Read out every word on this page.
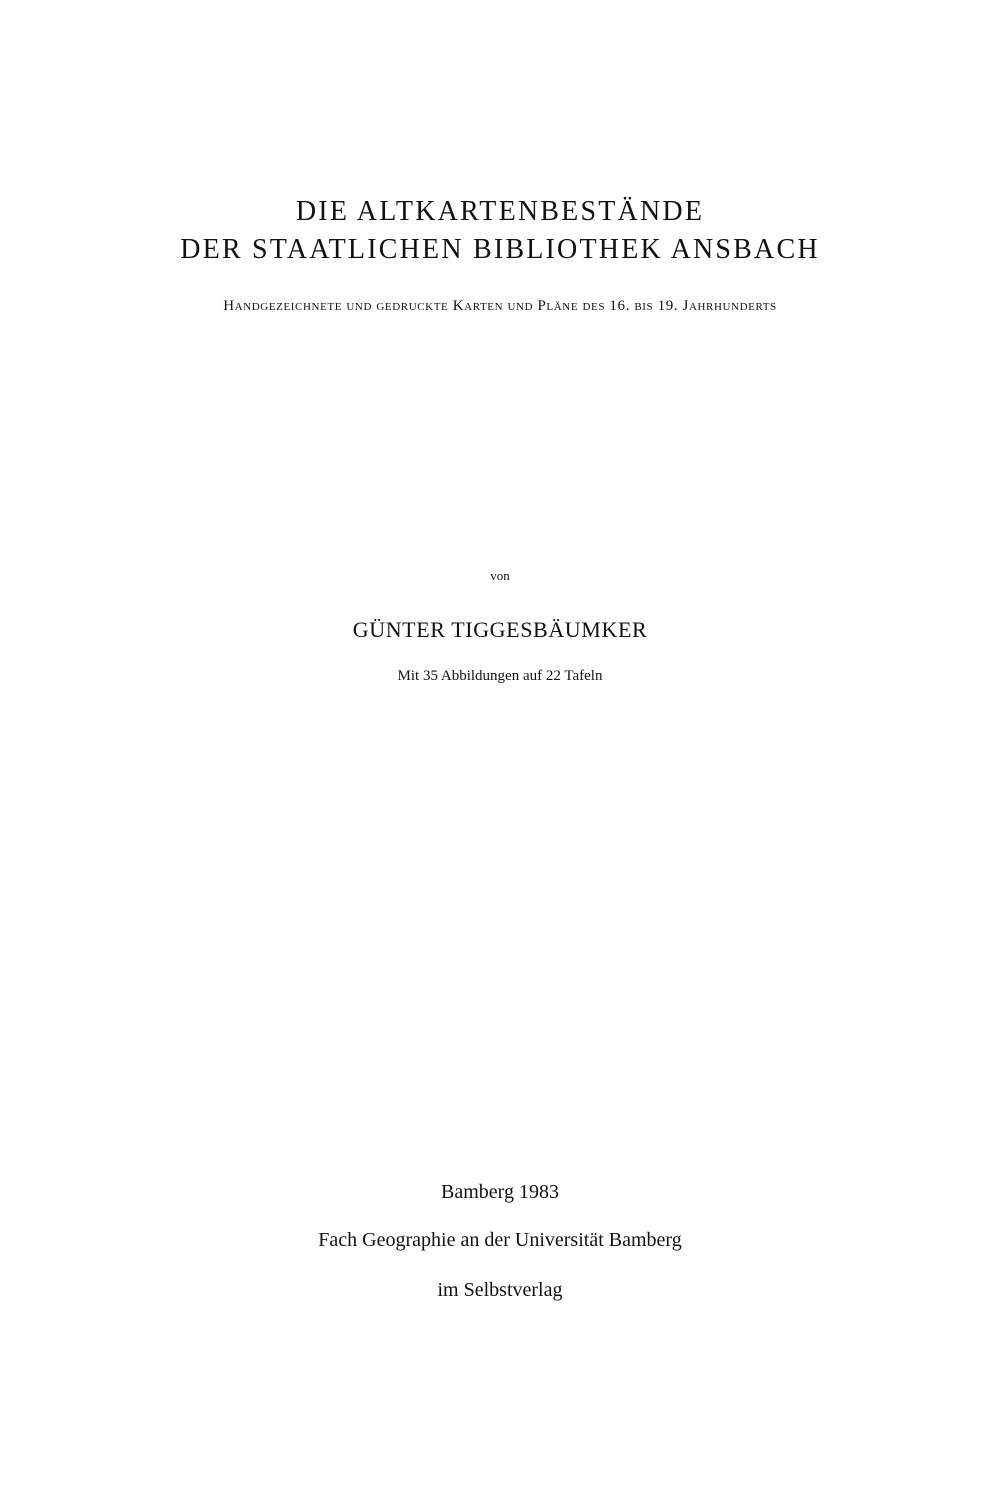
DIE ALTKARTENBESTÄNDE
DER STAATLICHEN BIBLIOTHEK ANSBACH
Handgezeichnete und gedruckte Karten und Pläne des 16. bis 19. Jahrhunderts
von
GÜNTER TIGGESBÄUMKER
Mit 35 Abbildungen auf 22 Tafeln
Bamberg 1983
Fach Geographie an der Universität Bamberg
im Selbstverlag
